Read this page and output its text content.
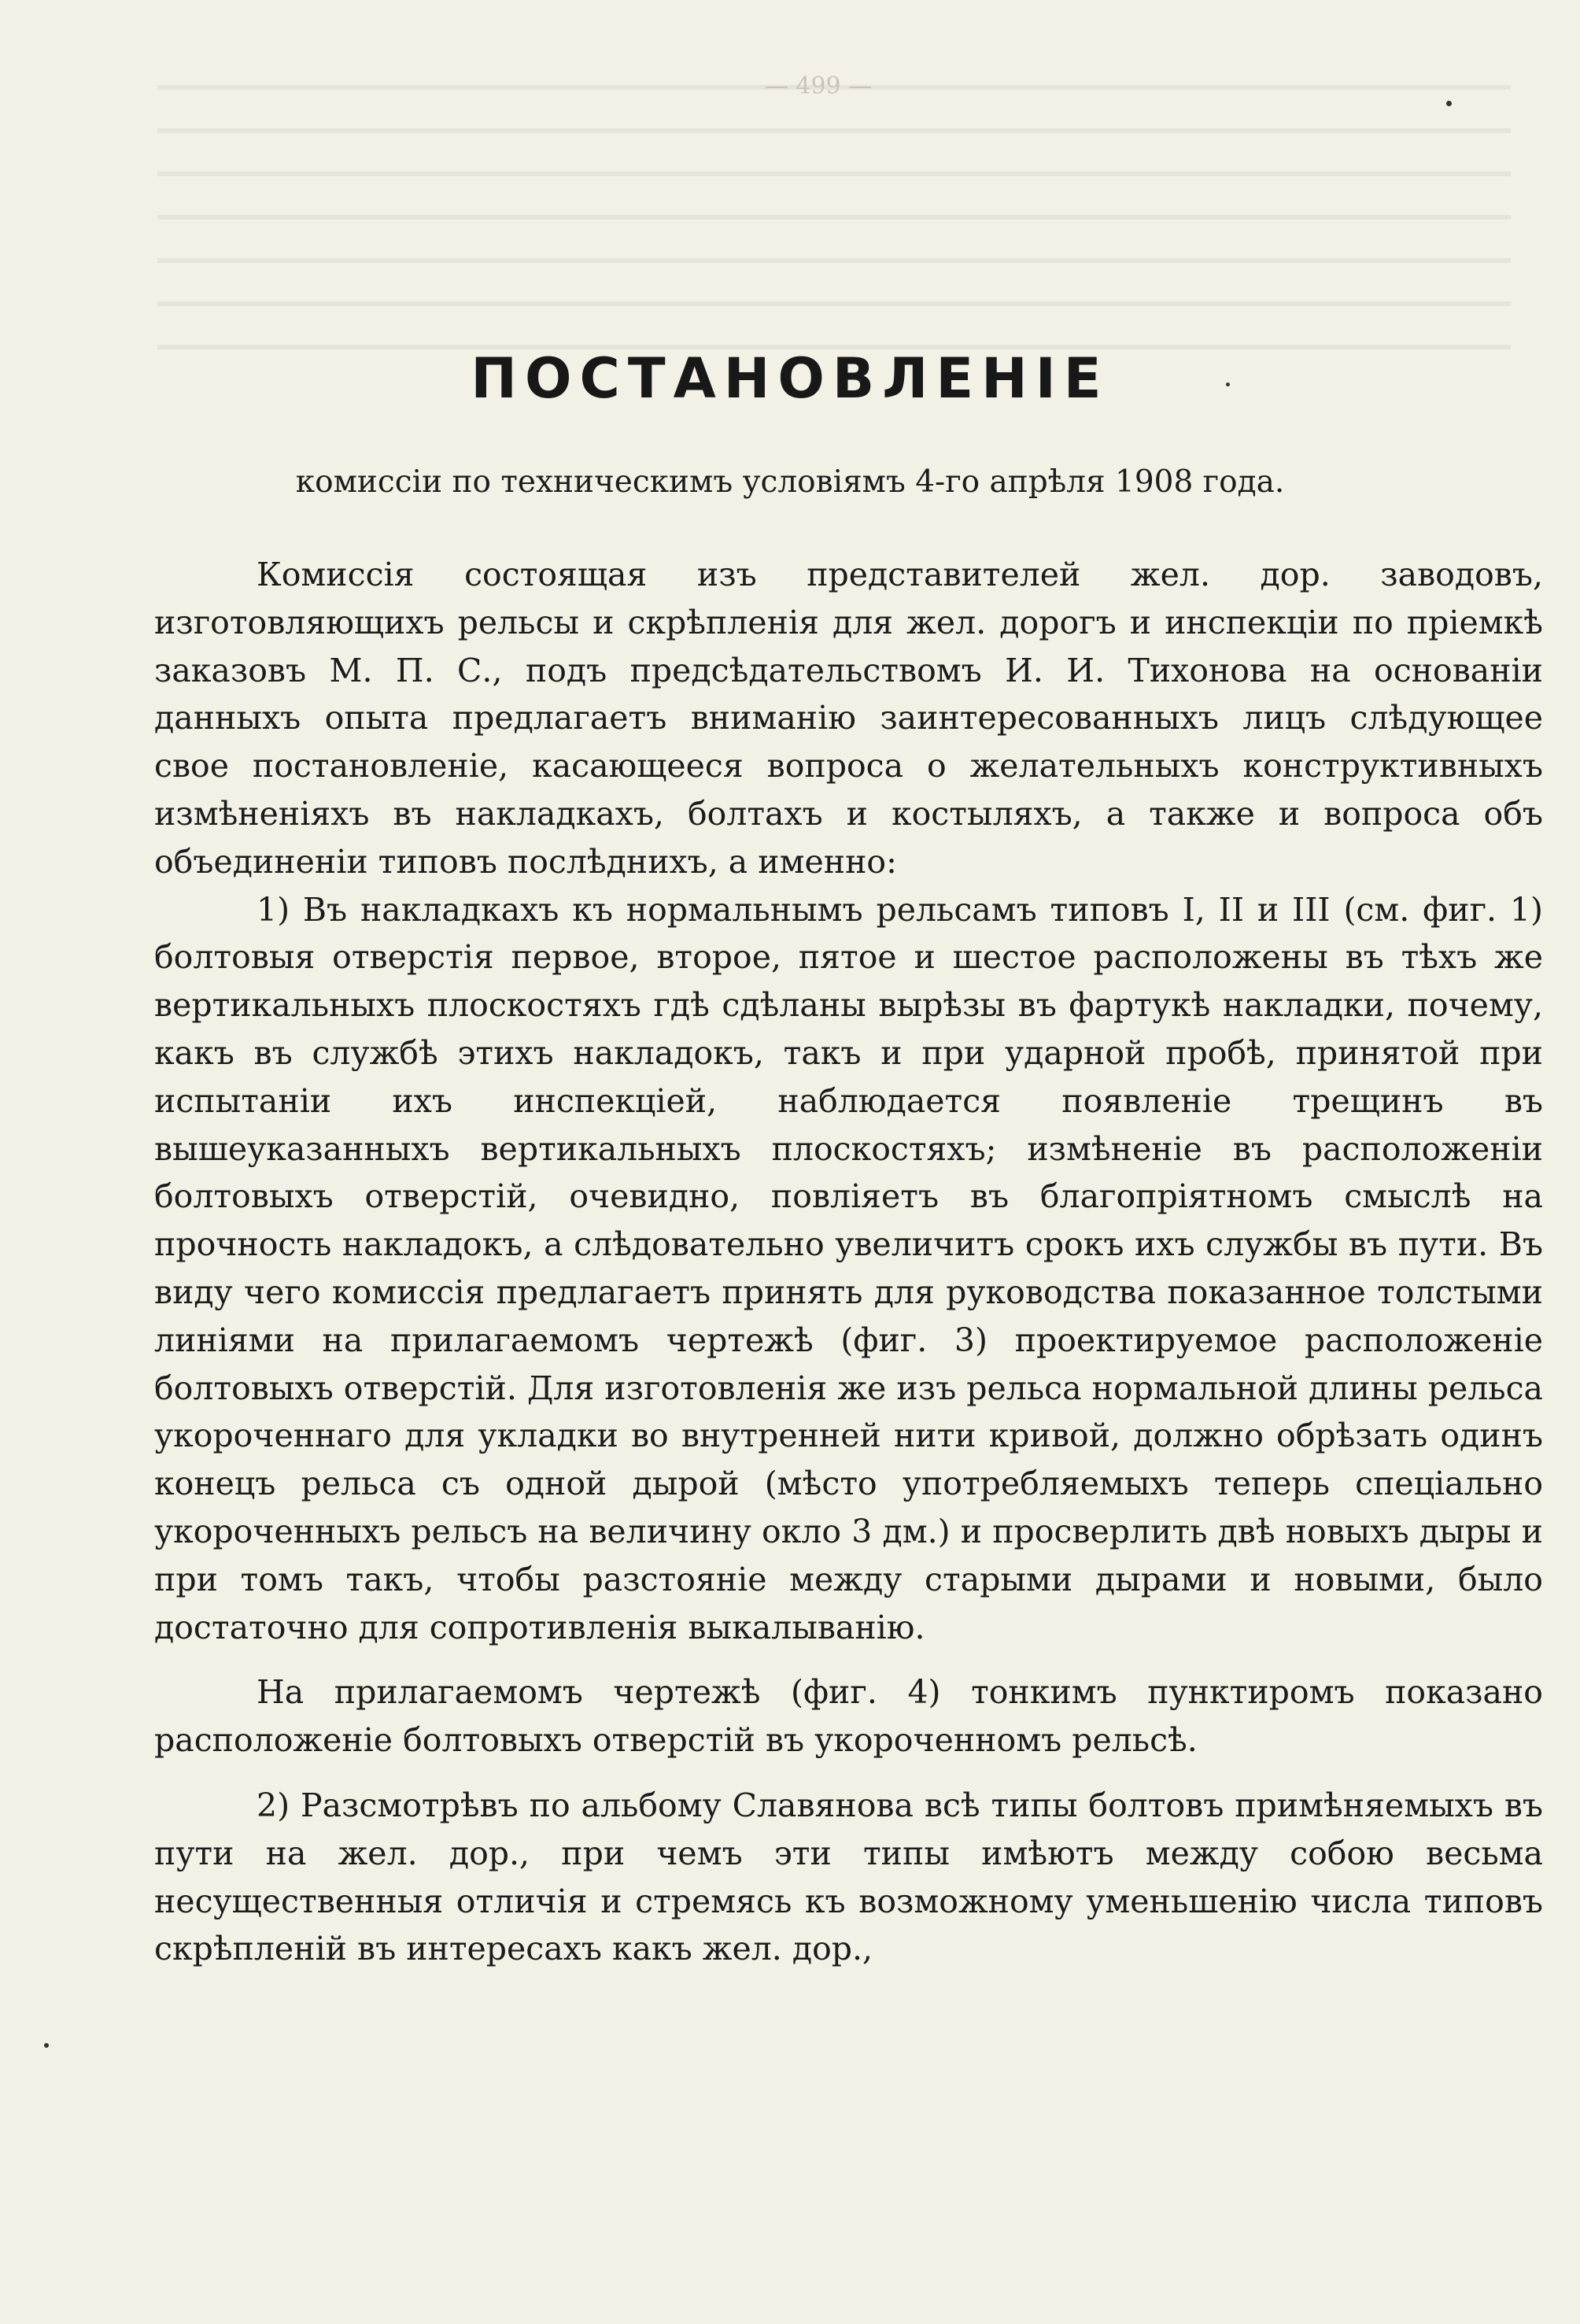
— 499 —
ПОСТАНОВЛЕНІЕ
комиссіи по техническимъ условіямъ 4-го апрѣля 1908 года.

Комиссія состоящая изъ представителей жел. дор. заводовъ, изготовляющихъ рельсы и скрѣпленія для жел. дорогъ и инспекціи по пріемкѣ заказовъ М. П. С., подъ предсѣдательствомъ И. И. Тихонова на основаніи данныхъ опыта предлагаетъ вниманію заинтересованныхъ лицъ слѣдующее свое постановленіе, касающееся вопроса о желательныхъ конструктивныхъ измѣненіяхъ въ накладкахъ, болтахъ и костыляхъ, а также и вопроса объ объединеніи типовъ послѣднихъ, а именно:

1) Въ накладкахъ къ нормальнымъ рельсамъ типовъ I, II и III (см. фиг. 1) болтовыя отверстія первое, второе, пятое и шестое расположены въ тѣхъ же вертикальныхъ плоскостяхъ гдѣ сдѣланы вырѣзы въ фартукѣ накладки, почему, какъ въ службѣ этихъ накладокъ, такъ и при ударной пробѣ, принятой при испытаніи ихъ инспекціей, наблюдается появленіе трещинъ въ вышеуказанныхъ вертикальныхъ плоскостяхъ; измѣненіе въ расположеніи болтовыхъ отверстій, очевидно, повліяетъ въ благопріятномъ смыслѣ на прочность накладокъ, а слѣдовательно увеличитъ срокъ ихъ службы въ пути. Въ виду чего комиссія предлагаетъ принять для руководства показанное толстыми линіями на прилагаемомъ чертежѣ (фиг. 3) проектируемое расположеніе болтовыхъ отверстій. Для изготовленія же изъ рельса нормальной длины рельса укороченнаго для укладки во внутренней нити кривой, должно обрѣзать одинъ конецъ рельса съ одной дырой (мѣсто употребляемыхъ теперь спеціально укороченныхъ рельсъ на величину окло 3 дм.) и просверлить двѣ новыхъ дыры и при томъ такъ, чтобы разстояніе между старыми дырами и новыми, было достаточно для сопротивленія выкалыванію.

На прилагаемомъ чертежѣ (фиг. 4) тонкимъ пунктиромъ показано расположеніе болтовыхъ отверстій въ укороченномъ рельсѣ.

2) Разсмотрѣвъ по альбому Славянова всѣ типы болтовъ примѣняемыхъ въ пути на жел. дор., при чемъ эти типы имѣютъ между собою весьма несущественныя отличія и стремясь къ возможному уменьшенію числа типовъ скрѣпленій въ интересахъ какъ жел. дор.,
